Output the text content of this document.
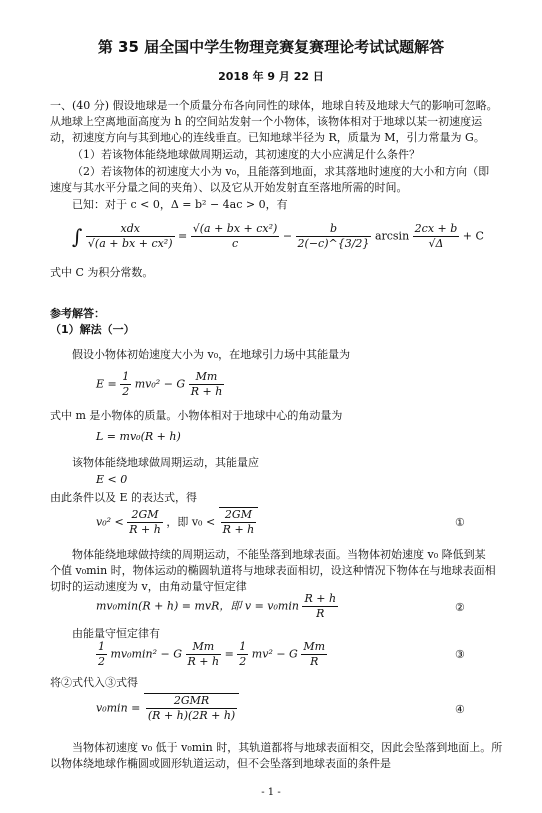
第 35 届全国中学生物理竞赛复赛理论考试试题解答
2018 年 9 月 22 日
一、(40 分) 假设地球是一个质量分布各向同性的球体，地球自转及地球大气的影响可忽略。
从地球上空离地面高度为 h 的空间站发射一个小物体，该物体相对于地球以某一初速度运
动，初速度方向与其到地心的连线垂直。已知地球半径为 R，质量为 M，引力常量为 G。
（1）若该物体能绕地球做周期运动，其初速度的大小应满足什么条件？
（2）若该物体的初速度大小为 v₀，且能落到地面，求其落地时速度的大小和方向（即
速度与其水平分量之间的夹角）、以及它从开始发射直至落地所需的时间。
已知：对于 c < 0，Δ = b² − 4ac > 0，有
∫ $\frac{\text{xdx}}{\text{√(a + bx + cx²)}} = \frac{\text{√(a + bx + cx²)}}{c} - \frac{b}{2(-c)\^{}\{3/2\}}$ $\arcsin \frac{2cx + b}{√\Delta} + C$
式中 C 为积分常数。
参考解答：
（1）解法（一）
假设小物体初始速度大小为 v₀，在地球引力场中其能量为
$E = \frac{1}{2} mv_0^2 - G \frac{Mm}{R + h}$
式中 m 是小物体的质量。小物体相对于地球中心的角动量为
L = mv₀(R + h)
该物体能绕地球做周期运动，其能量应
E < 0
由此条件以及 E 的表达式，得
$v_0^2 < \frac{2GM}{R + h}$ ，即 $v_0 < \frac{2GM}{R + h}$	①
物体能绕地球做持续的周期运动，不能坠落到地球表面。当物体初始速度 v₀ 降低到某
个值 v₀min 时，物体运动的椭圆轨道将与地球表面相切，设这种情况下物体在与地球表面相
切时的运动速度为 v，由角动量守恒定律
mv₀min(R + h) = mvR，即 $v = v_0\min \frac{R + h}{R}$	②
由能量守恒定律有
$\frac{1}{2} mv_0\min^2 - G \frac{Mm}{R + h} = \frac{1}{2} mv^2 - G \frac{Mm}{R}$	③
将②式代入③式得
$v_0\min = \frac{\text{2GMR}}{(R + h)(2R + h)}$	④
当物体初速度 v₀ 低于 v₀min 时，其轨道都将与地球表面相交，因此会坠落到地面上。所
以物体绕地球作椭圆或圆形轨道运动，但不会坠落到地球表面的条件是
- 1 -
